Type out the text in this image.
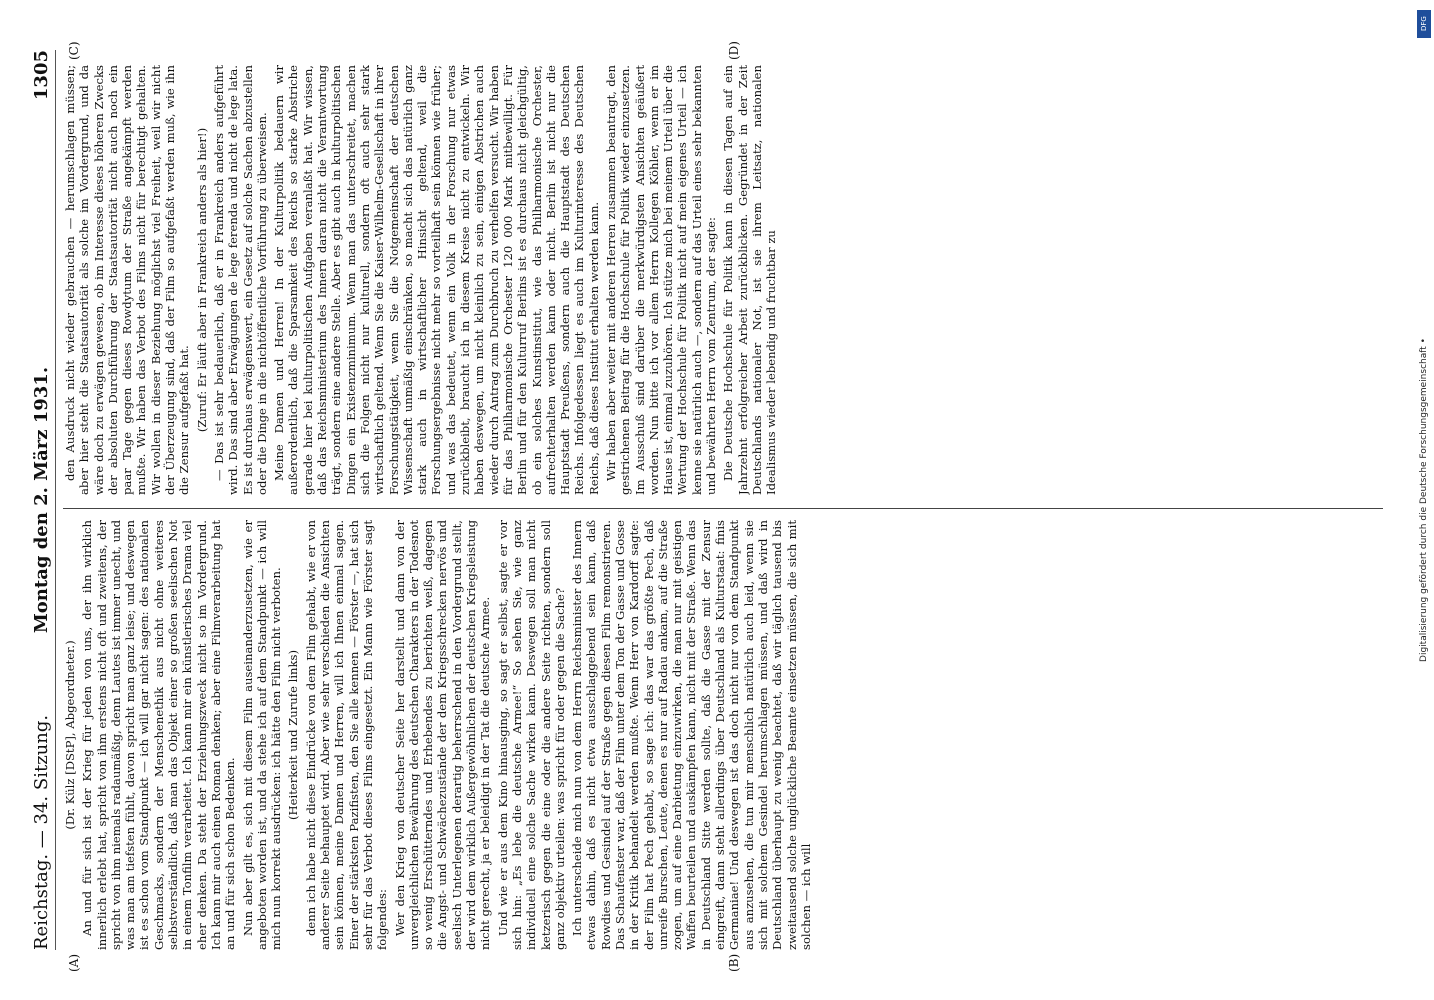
Reichstag. — 34. Sitzung.
Montag den 2. März 1931.
1305

(Dr. Külz [DStP], Abgeordneter.) An und für sich ist der Krieg für jeden von uns, der ihn wirklich innerlich erlebt hat, spricht von ihm erstens nicht oft und zweitens, der spricht von ihm niemals radaumäßig, denn Lautes ist immer unecht, und was man am tiefsten fühlt, davon spricht man ganz leise; und deswegen ist es schon vom Standpunkt — ich will gar nicht sagen: des nationalen Geschmacks, sondern der Menschenethik aus nicht ohne weiteres selbstverständlich, daß man das Objekt einer so großen seelischen Not in einem Tonfilm verarbeitet. Ich kann mir ein künstlerisches Drama viel eher denken. Da steht der Erziehungszweck nicht so im Vordergrund. Ich kann mir auch einen Roman denken; aber eine Filmverarbeitung hat an und für sich schon Bedenken. Nun aber gilt es, sich mit diesem Film auseinanderzusetzen, wie er angeboten worden ist, und da stehe ich auf dem Standpunkt — ich will mich nun korrekt ausdrücken: ich hätte den Film nicht verboten. (Heiterkeit und Zurufe links) denn ich habe nicht diese Eindrücke von dem Film gehabt, wie er von anderer Seite behauptet wird. Aber wie sehr verschieden die Ansichten sein können, meine Damen und Herren, will ich Ihnen einmal sagen. Einer der stärksten Pazifisten, den Sie alle kennen — Förster —, hat sich sehr für das Verbot dieses Films eingesetzt. Ein Mann wie Förster sagt folgendes: Wer den Krieg von deutscher Seite her darstellt und dann von der unvergleichlichen Bewährung des deutschen Charakters in der Todesnot so wenig Erschütterndes und Erhebendes zu berichten weiß, dagegen die Angst- und Schwächezustände der dem Kriegsschrecken nervös und seelisch Unterlegenen derartig beherrschend in den Vordergrund stellt, der wird dem wirklich Außergewöhnlichen der deutschen Kriegsleistung nicht gerecht, ja er beleidigt in der Tat die deutsche Armee. Und wie er aus dem Kino hinausging, so sagt er selbst, sagte er vor sich hin: „Es lebe die deutsche Armee!“ So sehen Sie, wie ganz individuell eine solche Sache wirken kann. Deswegen soll man nicht ketzerisch gegen die eine oder die andere Seite richten, sondern soll ganz objektiv urteilen: was spricht für oder gegen die Sache? Ich unterscheide mich nun von dem Herrn Reichsminister des Innern etwas dahin, daß es nicht etwa ausschlaggebend sein kann, daß Rowdies und Gesindel auf der Straße gegen diesen Film remonstrieren. Das Schaufenster war, daß der Film unter dem Ton der Gasse und Gosse in der Kritik behandelt werden mußte. Wenn Herr von Kardorff sagte: der Film hat Pech gehabt, so sage ich: das war das größte Pech, daß unreife Burschen, Leute, denen es nur auf Radau ankam, auf die Straße zogen, um auf eine Darbietung einzuwirken, die man nur mit geistigen Waffen beurteilen und auskämpfen kann, nicht mit der Straße. Wenn das in Deutschland Sitte werden sollte, daß die Gasse mit der Zensur eingreift, dann steht allerdings über Deutschland als Kulturstaat: finis Germaniae! Und deswegen ist das doch nicht nur von dem Standpunkt aus anzusehen, die tun mir menschlich natürlich auch leid, wenn sie sich mit solchem Gesindel herumschlagen müssen, und daß wird in Deutschland überhaupt zu wenig beachtet, daß wir täglich tausend bis zweitausend solche unglückliche Beamte einsetzen müssen, die sich mit solchen — ich will

den Ausdruck nicht wieder gebrauchen — herumschlagen müssen; aber hier steht die Staatsautorität als solche im Vordergrund, und da wäre doch zu erwägen gewesen, ob im Interesse dieses höheren Zwecks der absoluten Durchführung der Staatsautorität nicht auch noch ein paar Tage gegen dieses Rowdytum der Straße angekämpft werden mußte. Wir haben das Verbot des Films nicht für berechtigt gehalten. Wir wollen in dieser Beziehung möglichst viel Freiheit, weil wir nicht der Überzeugung sind, daß der Film so aufgefaßt werden muß, wie ihn die Zensur aufgefaßt hat. (Zuruf: Er läuft aber in Frankreich anders als hier!) — Das ist sehr bedauerlich, daß er in Frankreich anders aufgeführt wird. Das sind aber Erwägungen de lege ferenda und nicht de lege lata. Es ist durchaus erwägenswert, ein Gesetz auf solche Sachen abzustellen oder die Dinge in die nichtöffentliche Vorführung zu überweisen. Meine Damen und Herren! In der Kulturpolitik bedauern wir außerordentlich, daß die Sparsamkeit des Reichs so starke Abstriche gerade hier bei kulturpolitischen Aufgaben veranlaßt hat. Wir wissen, daß das Reichsministerium des Innern daran nicht die Verantwortung trägt, sondern eine andere Stelle. Aber es gibt auch in kulturpolitischen Dingen ein Existenzminimum. Wenn man das unterschreitet, machen sich die Folgen nicht nur kulturell, sondern oft auch sehr stark wirtschaftlich geltend. Wenn Sie die Kaiser-Wilhelm-Gesellschaft in ihrer Forschungstätigkeit, wenn Sie die Notgemeinschaft der deutschen Wissenschaft unmäßig einschränken, so macht sich das natürlich ganz stark auch in wirtschaftlicher Hinsicht geltend, weil die Forschungsergebnisse nicht mehr so vorteilhaft sein können wie früher; und was das bedeutet, wenn ein Volk in der Forschung nur etwas zurückbleibt, braucht ich in diesem Kreise nicht zu entwickeln. Wir haben deswegen, um nicht kleinlich zu sein, einigen Abstrichen auch wieder durch Antrag zum Durchbruch zu verhelfen versucht. Wir haben für das Philharmonische Orchester 120 000 Mark mitbewilligt. Für Berlin und für den Kulturruf Berlins ist es durchaus nicht gleichgültig, ob ein solches Kunstinstitut, wie das Philharmonische Orchester, aufrechterhalten werden kann oder nicht. Berlin ist nicht nur die Hauptstadt Preußens, sondern auch die Hauptstadt des Deutschen Reichs. Infolgedessen liegt es auch im Kulturinteresse des Deutschen Reichs, daß dieses Institut erhalten werden kann. Wir haben aber weiter mit anderen Herren zusammen beantragt, den gestrichenen Beitrag für die Hochschule für Politik wieder einzusetzen. Im Ausschuß sind darüber die merkwürdigsten Ansichten geäußert worden. Nun bitte ich vor allem Herrn Kollegen Köhler, wenn er im Hause ist, einmal zuzuhören. Ich stütze mich bei meinem Urteil über die Wertung der Hochschule für Politik nicht auf mein eigenes Urteil — ich kenne sie natürlich auch —, sondern auf das Urteil eines sehr bekannten und bewährten Herrn vom Zentrum, der sagte: Die Deutsche Hochschule für Politik kann in diesen Tagen auf ein Jahrzehnt erfolgreicher Arbeit zurückblicken. Gegründet in der Zeit Deutschlands nationaler Not, ist sie ihrem Leitsatz, nationalen Idealismus wieder lebendig und fruchtbar zu

(A)	(B)
(C)	(D)
DFG
Digitalisierung gefördert durch die Deutsche Forschungsgemeinschaft •
